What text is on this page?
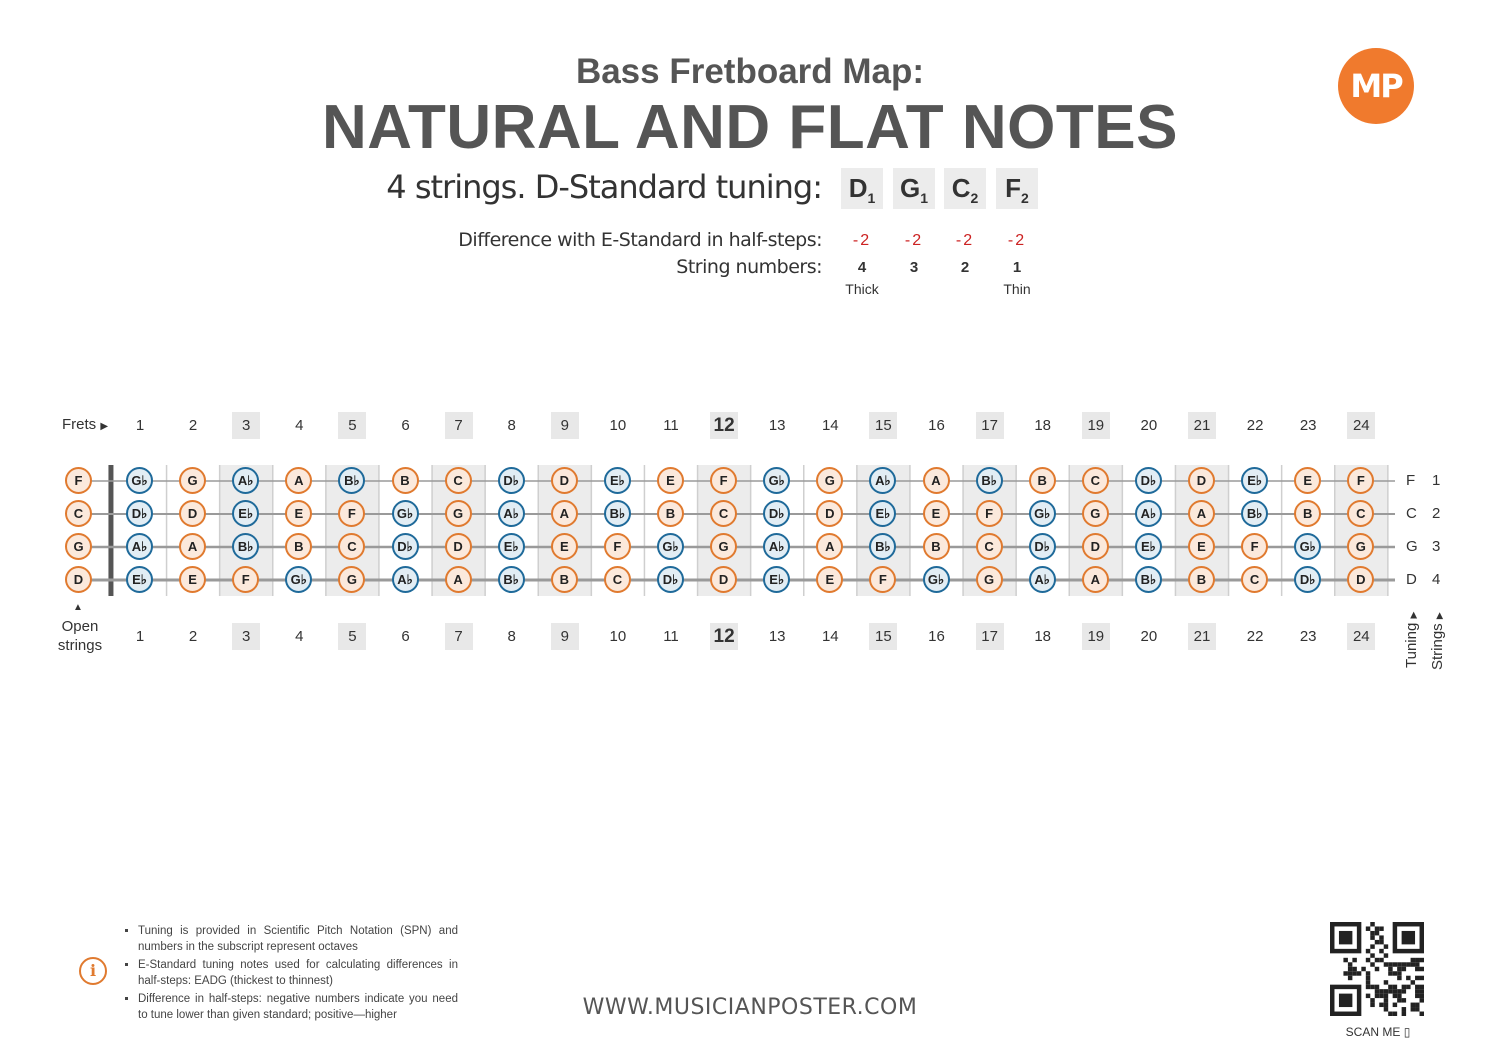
Bass Fretboard Map:
NATURAL AND FLAT NOTES
MP
4 strings. D-Standard tuning: $D_1$ $G_1$ $C_2$	$F_2$
Difference with E-Standard in half-steps:	-2	-2	-2	-2
String numbers:	4	3	2	1
Thick	Thin
Frets ▶	1	2	3	4	5	6	7	8	9	10	11	12	13	14	15	16	17	18	19	20	21	22	23	24
1	2	3	4	5	6	7	8	9	10	11	12	13	14	15	16	17	18	19	20	21	22	23	24
F	G♭	G	A♭	A	B♭	B	C	D♭	D	E♭	E	F	G♭	G	A♭	A	B♭	B	C	D♭	D	E♭	E	F
C	D♭	D	E♭	E	F	G♭	G	A♭	A	B♭	B	C	D♭	D	E♭	E	F	G♭	G	A♭	A	B♭	B	C
G	A♭	A	B♭	B	C	D♭	D	E♭	E	F	G♭	G	A♭	A	B♭	B	C	D♭	D	E♭	E	F	G♭	G
D	E♭	E	F	G♭	G	A♭	A	B♭	B	C	D♭	D	E♭	E	F	G♭	G	A♭	A	B♭	B	C	D♭	D
▲
Open
strings	Tuning ▶
Strings ▶
i
▪ Tuning is provided in Scientific Pitch Notation (SPN) and numbers in the subscript represent octaves
▪ E-Standard tuning notes used for calculating differences in half-steps: EADG (thickest to thinnest)
▪ Difference in half-steps: negative numbers indicate you need to tune lower than given standard; positive—higher	WWW.MUSICIANPOSTER.COM
SCAN ME ▯
F 1
C 2
G 3
D 4
